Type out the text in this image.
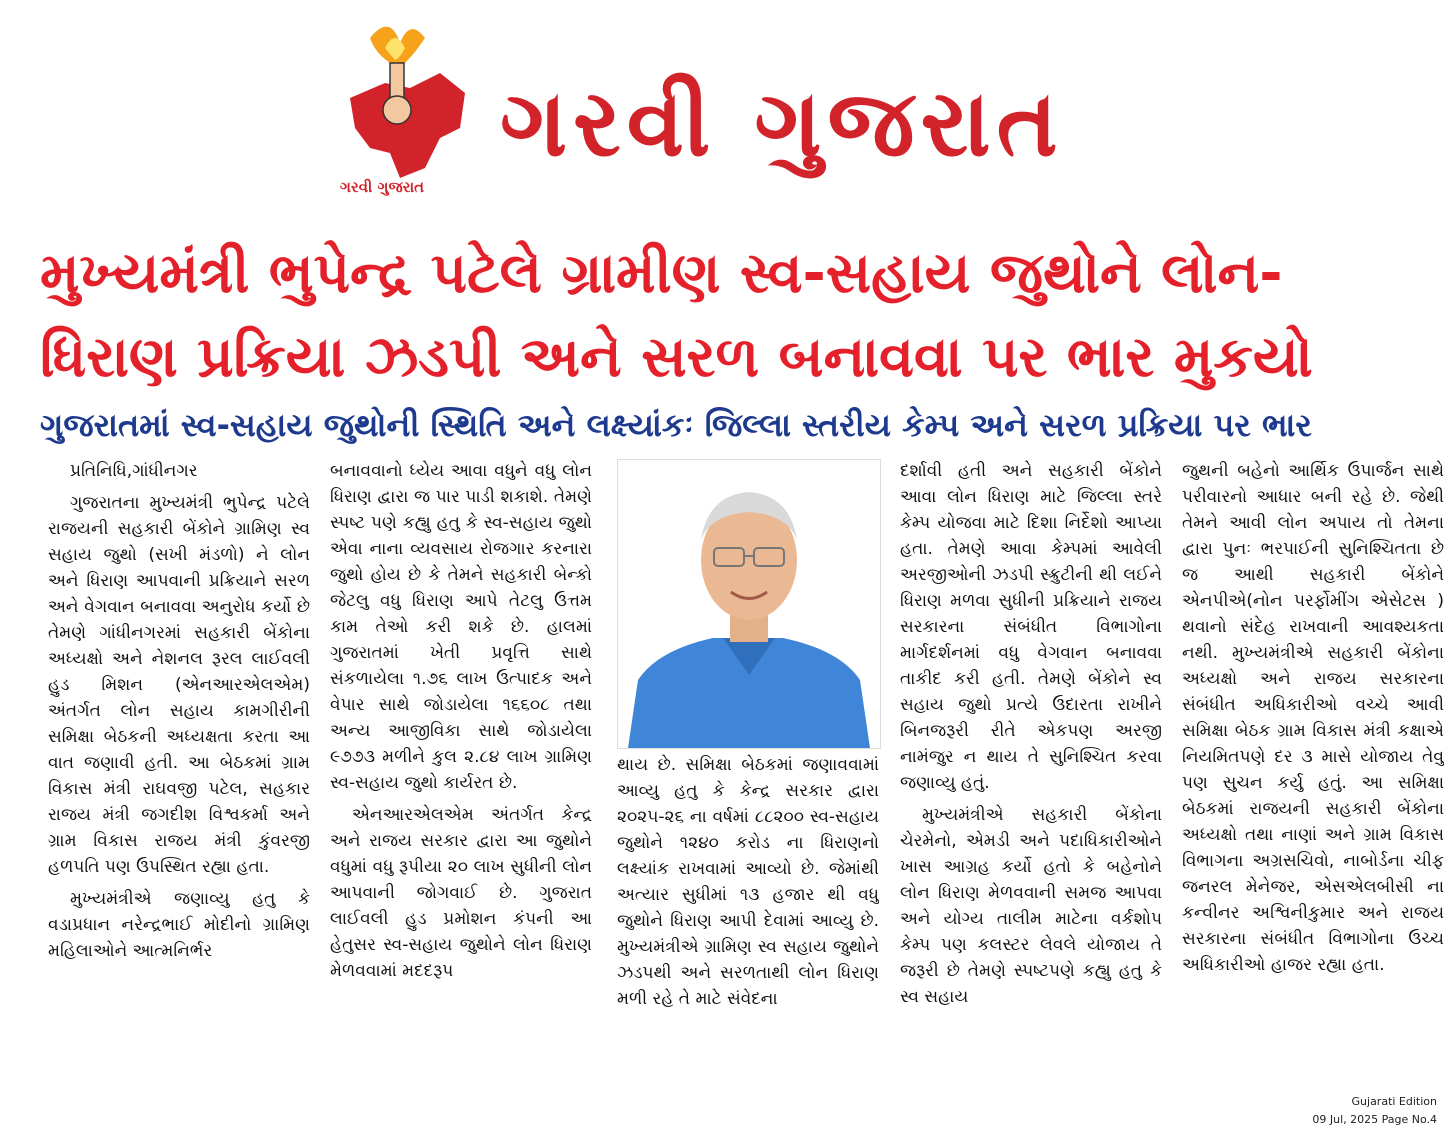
ગરવી ગુજરાત
ગરવી ગુજરાત
મુખ્યમંત્રી ભુપેન્દ્ર પટેલે ગ્રામીણ સ્વ-સહાય જુથોને લોન-
ધિરાણ પ્રક્રિયા ઝડપી અને સરળ બનાવવા પર ભાર મુકયો
ગુજરાતમાં સ્વ-સહાય જુથોની સ્થિતિ અને લક્ષ્યાંકઃ જિલ્લા સ્તરીય કેમ્પ અને સરળ પ્રક્રિયા પર ભાર

પ્રતિનિધિ,ગાંધીનગર

ગુજરાતના મુખ્યમંત્રી ભુપેન્દ્ર પટેલે રાજયની સહકારી બેંકોને ગ્રામિણ સ્વ સહાય જુથો (સખી મંડળો) ને લોન અને ધિરાણ આપવાની પ્રક્રિયાને સરળ અને વેગવાન બનાવવા અનુરોધ કર્યો છે તેમણે ગાંધીનગરમાં સહકારી બેંકોના અધ્યક્ષો અને નેશનલ રૂરલ લાઈવલી હુડ મિશન (એનઆરએલએમ) અંતર્ગત લોન સહાય કામગીરીની સમિક્ષા બેઠકની અધ્યક્ષતા કરતા આ વાત જણાવી હતી. આ બેઠકમાં ગ્રામ વિકાસ મંત્રી રાઘવજી પટેલ, સહકાર રાજય મંત્રી જગદીશ વિશ્વકર્મા અને ગ્રામ વિકાસ રાજય મંત્રી કુંવરજી હળપતિ પણ ઉપસ્થિત રહ્યા હતા.

મુખ્યમંત્રીએ જણાવ્યુ હતુ કે વડાપ્રધાન નરેન્દ્રભાઈ મોદીનો ગ્રામિણ મહિલાઓને આત્મનિર્ભર

બનાવવાનો ધ્યેય આવા વધુને વધુ લોન ધિરાણ દ્વારા જ પાર પાડી શકાશે. તેમણે સ્પષ્ટ પણે કહ્યુ હતુ કે સ્વ-સહાય જુથો એવા નાના વ્યવસાય રોજગાર કરનારા જુથો હોય છે કે તેમને સહકારી બેન્કો જેટલુ વધુ ધિરાણ આપે તેટલુ ઉત્તમ કામ તેઓ કરી શકે છે. હાલમાં ગુજરાતમાં ખેતી પ્રવૃત્તિ સાથે સંકળાયેલા ૧.૭૬ લાખ ઉત્પાદક અને વેપાર સાથે જોડાયેલા ૧૬૬૦૮ તથા અન્ય આજીવિકા સાથે જોડાયેલા ૯૭૭૩ મળીને કુલ ૨.૮૪ લાખ ગ્રામિણ સ્વ-સહાય જુથો કાર્યરત છે.

એનઆરએલએમ અંતર્ગત કેન્દ્ર અને રાજય સરકાર દ્વારા આ જુથોને વધુમાં વધુ રૂપીયા ૨૦ લાખ સુધીની લોન આપવાની જોગવાઈ છે. ગુજરાત લાઈવલી હુડ પ્રમોશન કંપની આ હેતુસર સ્વ-સહાય જુથોને લોન ધિરાણ મેળવવામાં મદદરૂપ

થાય છે. સમિક્ષા બેઠકમાં જણાવવામાં આવ્યુ હતુ કે કેન્દ્ર સરકાર દ્વારા ૨૦૨૫-૨૬ ના વર્ષમાં ૮૮૨૦૦ સ્વ-સહાય જુથોને ૧૨૪૦ કરોડ ના ધિરાણનો લક્ષ્યાંક રાખવામાં આવ્યો છે. જેમાંથી અત્યાર સુધીમાં ૧૩ હજાર થી વધુ જુથોને ધિરાણ આપી દેવામાં આવ્યુ છે. મુખ્યમંત્રીએ ગ્રામિણ સ્વ સહાય જુથોને ઝડપથી અને સરળતાથી લોન ધિરાણ મળી રહે તે માટે સંવેદના

દર્શાવી હતી અને સહકારી બેંકોને આવા લોન ધિરાણ માટે જિલ્લા સ્તરે કેમ્પ યોજવા માટે દિશા નિર્દેશો આપ્યા હતા. તેમણે આવા કેમ્પમાં આવેલી અરજીઓની ઝડપી સ્ક્રુટીની થી લઈને ધિરાણ મળવા સુધીની પ્રક્રિયાને રાજય સરકારના સંબંધીત વિભાગોના માર્ગદર્શનમાં વધુ વેગવાન બનાવવા તાકીદ કરી હતી. તેમણે બેંકોને સ્વ સહાય જુથો પ્રત્યે ઉદારતા રાખીને બિનજરૂરી રીતે એકપણ અરજી નામંજુર ન થાય તે સુનિશ્ચિત કરવા જણાવ્યુ હતું.

મુખ્યમંત્રીએ સહકારી બેંકોના ચેરમેનો, એમડી અને પદાધિકારીઓને ખાસ આગ્રહ કર્યો હતો કે બહેનોને લોન ધિરાણ મેળવવાની સમજ આપવા અને યોગ્ય તાલીમ માટેના વર્કશોપ કેમ્પ પણ કલસ્ટર લેવલે યોજાય તે જરૂરી છે તેમણે સ્પષ્ટપણે કહ્યુ હતુ કે સ્વ સહાય

જુથની બહેનો આર્થિક ઉપાર્જન સાથે પરીવારનો આધાર બની રહે છે. જેથી તેમને આવી લોન અપાય તો તેમના દ્વારા પુનઃ ભરપાઈની સુનિશ્ચિતતા છે જ આથી સહકારી બેંકોને એનપીએ(નોન પરર્ફોમીંગ એસેટસ ) થવાનો સંદેહ રાખવાની આવશ્યકતા નથી. મુખ્યમંત્રીએ સહકારી બેંકોના અધ્યક્ષો અને રાજય સરકારના સંબંધીત અધિકારીઓ વચ્ચે આવી સમિક્ષા બેઠક ગ્રામ વિકાસ મંત્રી કક્ષાએ નિયમિતપણે દર ૩ માસે યોજાય તેવુ પણ સુચન કર્યુ હતું. આ સમિક્ષા બેઠકમાં રાજયની સહકારી બેંકોના અધ્યક્ષો તથા નાણાં અને ગ્રામ વિકાસ વિભાગના અગ્રસચિવો, નાબોર્ડના ચીફ જનરલ મેનેજર, એસએલબીસી ના કન્વીનર અશ્વિનીકુમાર અને રાજય સરકારના સંબંધીત વિભાગોના ઉચ્ચ અધિકારીઓ હાજર રહ્યા હતા.

Gujarati Edition
09 Jul, 2025 Page No.4
